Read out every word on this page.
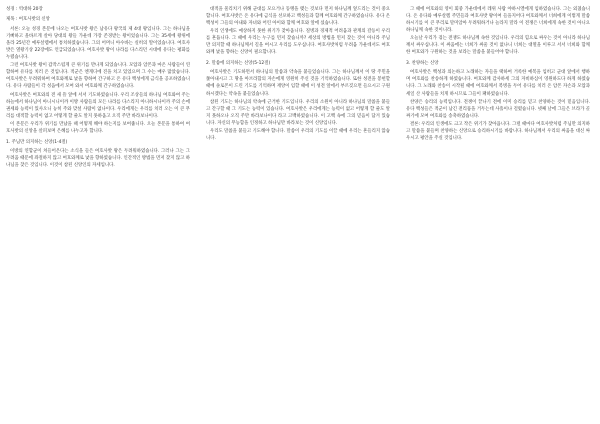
성경 : 역대하 20장
제목 : 여호사밧의 신앙

서론: 오늘 성경 본문에 나오는 여호사밧 왕은 남유다 왕국의 제 4대 왕입니다. 그는 하나님을 기뻐하고 올바르게 살아 당대의 왕들 가운데 가장 존경받는 왕이었습니다. 그는 35세에 왕위에 올라 25년간 예루살렘에서 통치하였습니다. 그의 어머니 아수바는 실히의 딸이었습니다. 여호사밧은 열왕기상 22장에도 언급되었습니다. 여호사밧 왕이 나라를 다스리던 시대에 유다는 평화를 누렸습니다.

그런 여호사밧 왕이 갑작스럽게 큰 위기를 만나게 되었습니다. 모압과 암몬과 마온 사람들이 연합하여 유다를 치러 온 것입니다. 적군은 엔게디에 진을 치고 있었으며 그 수는 매우 많았습니다. 여호사밧은 두려워하여 여호와께로 낯을 향하여 간구하고 온 유다 백성에게 금식을 공포하였습니다. 유다 사람들이 각 성읍에서 모여 와서 여호와께 간구하였습니다.

여호사밧은 여호와의 전 새 뜰 앞에 서서 기도하였습니다. 우리 조상들의 하나님 여호와여 주는 하늘에서 하나님이 아니시니이까 이방 사람들의 모든 나라를 다스리지 아니하시나이까 주의 손에 권세와 능력이 있사오니 능히 주와 맞설 사람이 없나이다. 우리에게는 우리를 치러 오는 이 큰 무리를 대적할 능력이 없고 어떻게 할 줄도 알지 못하옵고 오직 주만 바라보나이다.

이 본문은 우리가 위기를 만났을 때 어떻게 해야 하는지를 보여줍니다. 오늘 본문을 통하여 여호사밧의 신앙을 살펴보며 은혜를 나누고자 합니다.

1. 주님만 의지하는 신앙(1-4절)

이방의 연합군이 쳐들어온다는 소식을 들은 여호사밧 왕은 두려워하였습니다. 그러나 그는 그 두려움 때문에 좌절하지 않고 여호와께로 낯을 향하였습니다. 인간적인 방법을 먼저 찾지 않고 하나님을 찾은 것입니다. 이것이 참된 신앙인의 자세입니다.

대적을 물리치기 위해 군대를 모으거나 동맹을 맺는 것보다 먼저 하나님께 엎드리는 것이 중요합니다. 여호사밧은 온 유다에 금식을 선포하고 백성들과 함께 여호와께 간구하였습니다. 유다 온 백성이 그들의 아내와 자녀와 어린 아이와 함께 여호와 앞에 섰습니다.

우리 인생에도 예상하지 못한 위기가 찾아옵니다. 질병과 경제적 어려움과 관계의 갈등이 우리를 흔듭니다. 그 때에 우리는 누구를 먼저 찾습니까? 세상의 방법을 먼저 찾는 것이 아니라 주님만 의지할 때 하나님께서 길을 여시고 우리를 도우십니다. 여호사밧처럼 두려움 가운데서도 여호와께 낯을 향하는 신앙이 필요합니다.

2. 말씀에 의지하는 신앙(5-12절)

여호사밧은 기도하면서 하나님의 말씀과 약속을 붙들었습니다. 그는 하나님께서 이 땅 주민을 쫓아내시고 그 땅을 아브라함의 자손에게 영원히 주신 것을 기억하였습니다. 또한 성전을 봉헌할 때에 솔로몬이 드린 기도를 기억하며 재앙이 임할 때에 이 성전 앞에서 부르짖으면 들으시고 구원하시겠다는 약속을 붙들었습니다.

참된 기도는 하나님의 약속에 근거한 기도입니다. 우리의 소원이 아니라 하나님의 말씀을 붙들고 간구할 때 그 기도는 능력이 있습니다. 여호사밧은 우리에게는 능력이 없고 어떻게 할 줄도 알지 못하오나 오직 주만 바라보나이다 라고 고백하였습니다. 이 고백 속에 그의 믿음이 담겨 있습니다. 자신의 무능함을 인정하고 하나님만 바라보는 것이 신앙입니다.

우리도 말씀을 붙들고 기도해야 합니다. 말씀이 우리의 기도를 이끌 때에 우리는 흔들리지 않습니다.

그 때에 여호와의 영이 회중 가운데에서 레위 사람 야하시엘에게 임하였습니다. 그는 외쳤습니다. 온 유다와 예루살렘 주민들과 여호사밧 왕이여 들을지어다 여호와께서 너희에게 이렇게 말씀하시기를 이 큰 무리로 말미암아 두려워하거나 놀라지 말라 이 전쟁은 너희에게 속한 것이 아니요 하나님께 속한 것이니라.

오늘날 우리가 겪는 전쟁도 하나님께 속한 것입니다. 우리의 힘으로 싸우는 것이 아니라 하나님께서 싸우십니다. 이 싸움에는 너희가 싸울 것이 없나니 너희는 대열을 이루고 서서 너희와 함께 한 여호와가 구원하는 것을 보라는 말씀을 붙들어야 합니다.

3. 찬양하는 신앙

여호사밧은 백성과 의논하고 노래하는 자들을 택하여 거룩한 예복을 입히고 군대 앞에서 행하며 여호와를 찬송하게 하였습니다. 여호와께 감사하세 그의 자비하심이 영원하도다 하게 하였습니다. 그 노래와 찬송이 시작될 때에 여호와께서 복병을 두어 유다를 치러 온 암몬 자손과 모압과 세일 산 사람들을 치게 하시므로 그들이 패하였습니다.

찬양은 승리의 능력입니다. 전쟁이 끝나기 전에 이미 승리를 믿고 찬양하는 것이 믿음입니다. 유다 백성들은 적군이 남긴 전리품을 거두는데 사흘이나 걸렸습니다. 넷째 날에 그들은 브라가 골짜기에 모여 여호와를 송축하였습니다.

결론: 우리의 인생에도 크고 작은 위기가 찾아옵니다. 그럴 때마다 여호사밧처럼 주님만 의지하고 말씀을 붙들며 찬양하는 신앙으로 승리하시기를 바랍니다. 하나님께서 우리의 싸움을 대신 싸우시고 평안을 주실 것입니다.
